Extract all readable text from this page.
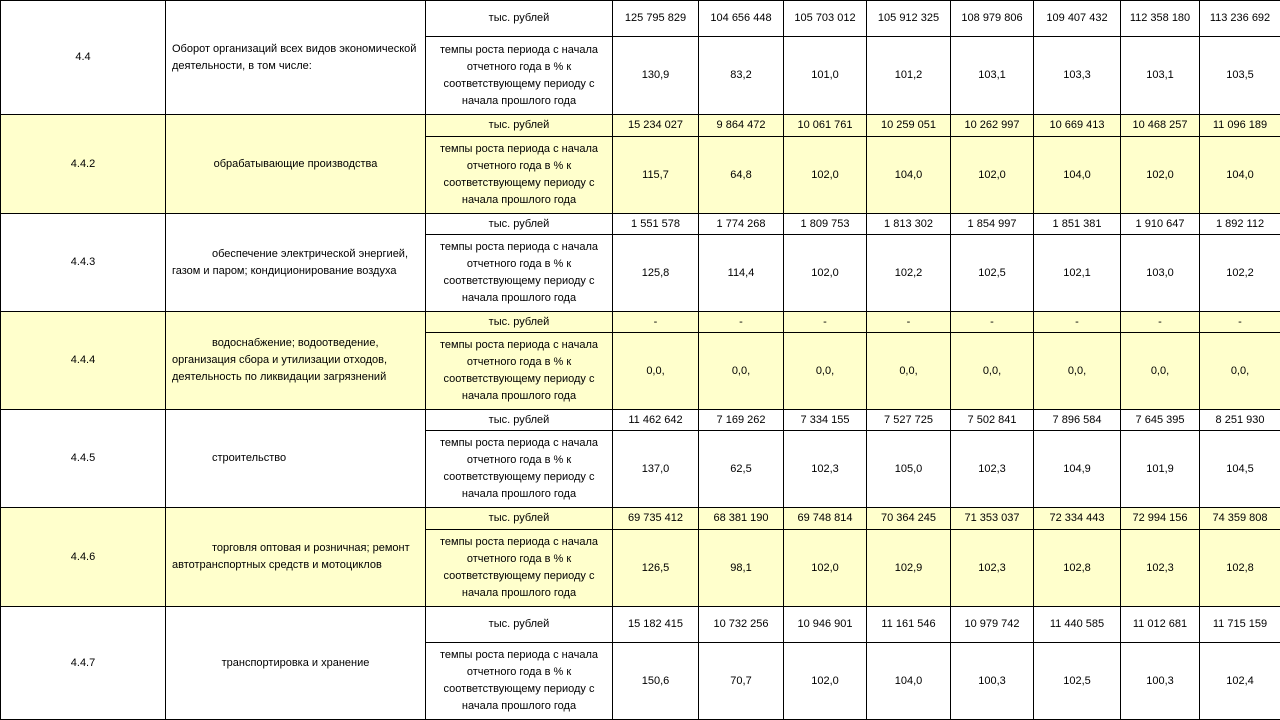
4.4	Оборот организаций всех видов экономической деятельности, в том числе:	тыс. рублей	125 795 829	104 656 448	105 703 012	105 912 325	108 979 806	109 407 432	112 358 180	113 236 692
		темпы роста периода с начала отчетного года в % к соответствующему периоду с начала прошлого года	130,9	83,2	101,0	101,2	103,1	103,3	103,1	103,5
4.4.2	обрабатывающие производства	тыс. рублей	15 234 027	9 864 472	10 061 761	10 259 051	10 262 997	10 669 413	10 468 257	11 096 189
		темпы роста периода с начала отчетного года в % к соответствующему периоду с начала прошлого года	115,7	64,8	102,0	104,0	102,0	104,0	102,0	104,0
4.4.3	обеспечение электрической энергией, газом и паром; кондиционирование воздуха	тыс. рублей	1 551 578	1 774 268	1 809 753	1 813 302	1 854 997	1 851 381	1 910 647	1 892 112
		темпы роста периода с начала отчетного года в % к соответствующему периоду с начала прошлого года	125,8	114,4	102,0	102,2	102,5	102,1	103,0	102,2
4.4.4	водоснабжение; водоотведение, организация сбора и утилизации отходов, деятельность по ликвидации загрязнений	тыс. рублей	-	-	-	-	-	-	-	-
		темпы роста периода с начала отчетного года в % к соответствующему периоду с начала прошлого года	0,0,	0,0,	0,0,	0,0,	0,0,	0,0,	0,0,	0,0,
4.4.5	строительство	тыс. рублей	11 462 642	7 169 262	7 334 155	7 527 725	7 502 841	7 896 584	7 645 395	8 251 930
		темпы роста периода с начала отчетного года в % к соответствующему периоду с начала прошлого года	137,0	62,5	102,3	105,0	102,3	104,9	101,9	104,5
4.4.6	торговля оптовая и розничная; ремонт автотранспортных средств и мотоциклов	тыс. рублей	69 735 412	68 381 190	69 748 814	70 364 245	71 353 037	72 334 443	72 994 156	74 359 808
		темпы роста периода с начала отчетного года в % к соответствующему периоду с начала прошлого года	126,5	98,1	102,0	102,9	102,3	102,8	102,3	102,8
4.4.7	транспортировка и хранение	тыс. рублей	15 182 415	10 732 256	10 946 901	11 161 546	10 979 742	11 440 585	11 012 681	11 715 159
		темпы роста периода с начала отчетного года в % к соответствующему периоду с начала прошлого года	150,6	70,7	102,0	104,0	100,3	102,5	100,3	102,4
